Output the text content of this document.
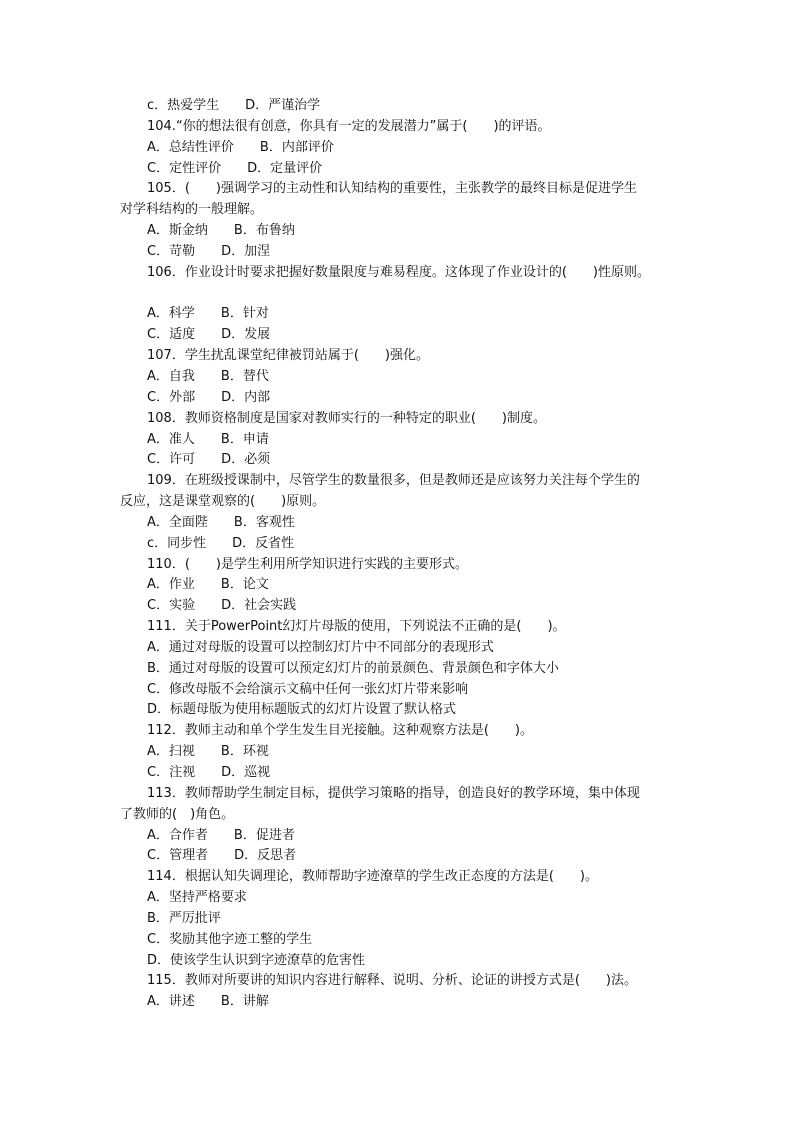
c．热爱学生 D．严谨治学
104.“你的想法很有创意，你具有一定的发展潜力”属于(　　)的评语。
A．总结性评价 B．内部评价
C．定性评价 D．定量评价
105．(　　)强调学习的主动性和认知结构的重要性，主张教学的最终目标是促进学生
对学科结构的一般理解。
A．斯金纳 B．布鲁纳
C．苛勒 D．加涅
106．作业设计时要求把握好数量限度与难易程度。这体现了作业设计的(　　)性原则。
A．科学 B．针对
C．适度 D．发展
107．学生扰乱课堂纪律被罚站属于(　　)强化。
A．自我 B．替代
C．外部 D．内部
108．教师资格制度是国家对教师实行的一种特定的职业(　　)制度。
A．准人 B．申请
C．许可 D．必须
109．在班级授课制中，尽管学生的数量很多，但是教师还是应该努力关注每个学生的
反应，这是课堂观察的(　　)原则。
A．全面陛 B．客观性
c．同步性 D．反省性
110．(　　)是学生利用所学知识进行实践的主要形式。
A．作业 B．论文
C．实验 D．社会实践
111．关于PowerPoint幻灯片母版的使用，下列说法不正确的是(　　)。
A．通过对母版的设置可以控制幻灯片中不同部分的表现形式
B．通过对母版的设置可以预定幻灯片的前景颜色、背景颜色和字体大小
C．修改母版不会给演示文稿中任何一张幻灯片带来影响
D．标题母版为使用标题版式的幻灯片设置了默认格式
112．教师主动和单个学生发生目光接触。这种观察方法是(　　)。
A．扫视 B．环视
C．注视 D．巡视
113．教师帮助学生制定目标，提供学习策略的指导，创造良好的教学环境，集中体现
了教师的(　)角色。
A．合作者 B．促进者
C．管理者 D．反思者
114．根据认知失调理论，教师帮助字迹潦草的学生改正态度的方法是(　　)。
A．坚持严格要求
B．严厉批评
C．奖励其他字迹工整的学生
D．使该学生认识到字迹潦草的危害性
115．教师对所要讲的知识内容进行解释、说明、分析、论证的讲授方式是(　　)法。
A．讲述 B．讲解
